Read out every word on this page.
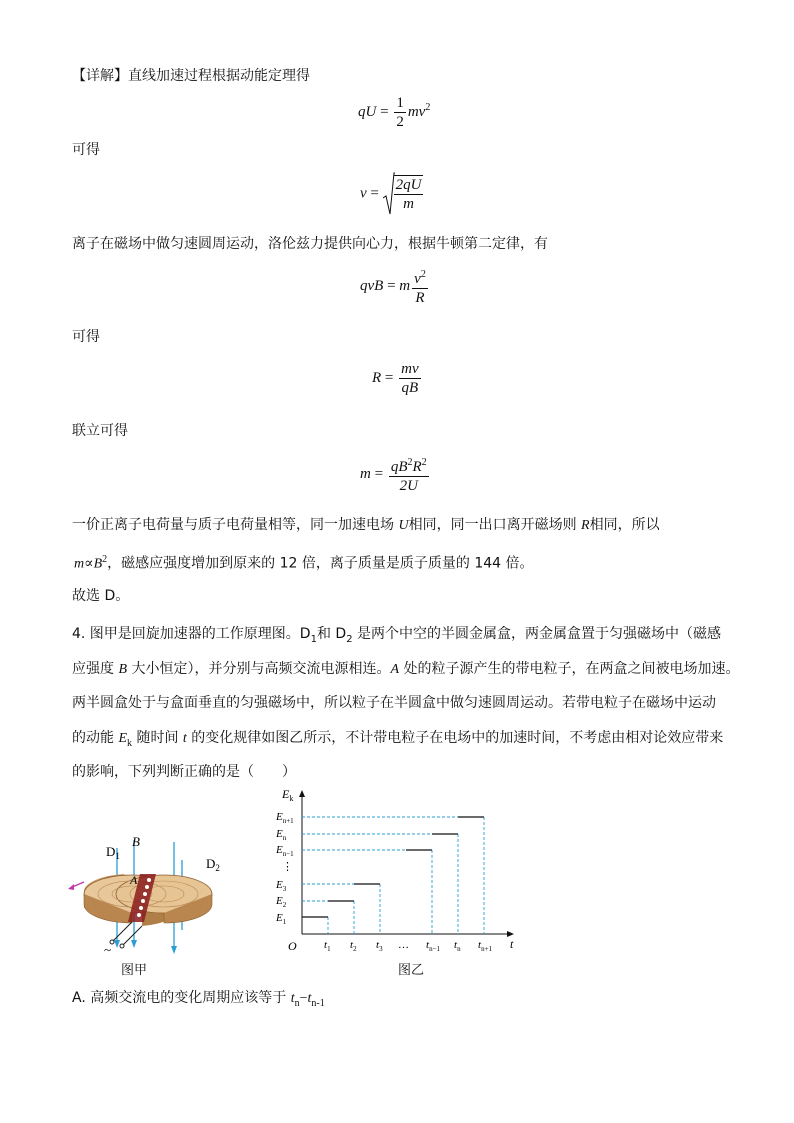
【详解】直线加速过程根据动能定理得
qU = $\frac{1}{2} mv^2$
可得
$v = \frac{2qU}{m}$
离子在磁场中做匀速圆周运动，洛伦兹力提供向心力，根据牛顿第二定律，有
qvB = m $\frac{v^2}{R}$
可得
$R = \frac{mv}{qB}$
联立可得
$m = \frac{qB^2R^2}{2U}$
一价正离子电荷量与质子电荷量相等，同一加速电场 U相同，同一出口离开磁场则 R相同，所以
$m\propto B^2$，磁感应强度增加到原来的 12 倍，离子质量是质子质量的 144 倍。
故选 D。
4. 图甲是回旋加速器的工作原理图。$D_1$和 $D_2$ 是两个中空的半圆金属盒，两金属盒置于匀强磁场中（磁感
应强度 B 大小恒定），并分别与高频交流电源相连。A 处的粒子源产生的带电粒子，在两盒之间被电场加速。
两半圆盒处于与盒面垂直的匀强磁场中，所以粒子在半圆盒中做匀速圆周运动。若带电粒子在磁场中运动
的动能 $E_k$ 随时间 t 的变化规律如图乙所示，不计带电粒子在电场中的加速时间，不考虑由相对论效应带来
的影响，下列判断正确的是（　　）
$D_1$
B
A
$D_2$
~
图甲
$E_k$
t
O
$E_{n+1}$
$E_n$
$E_{n-1}$
⋮
$E_3$
$E_2$
$E_1$
$t_1$ $t_2$ $t_3$ … $t_{n-1}$ $t_n$ $t_{n+1}$
图乙
A. 高频交流电的变化周期应该等于 $t_n-t_{n-1}$
